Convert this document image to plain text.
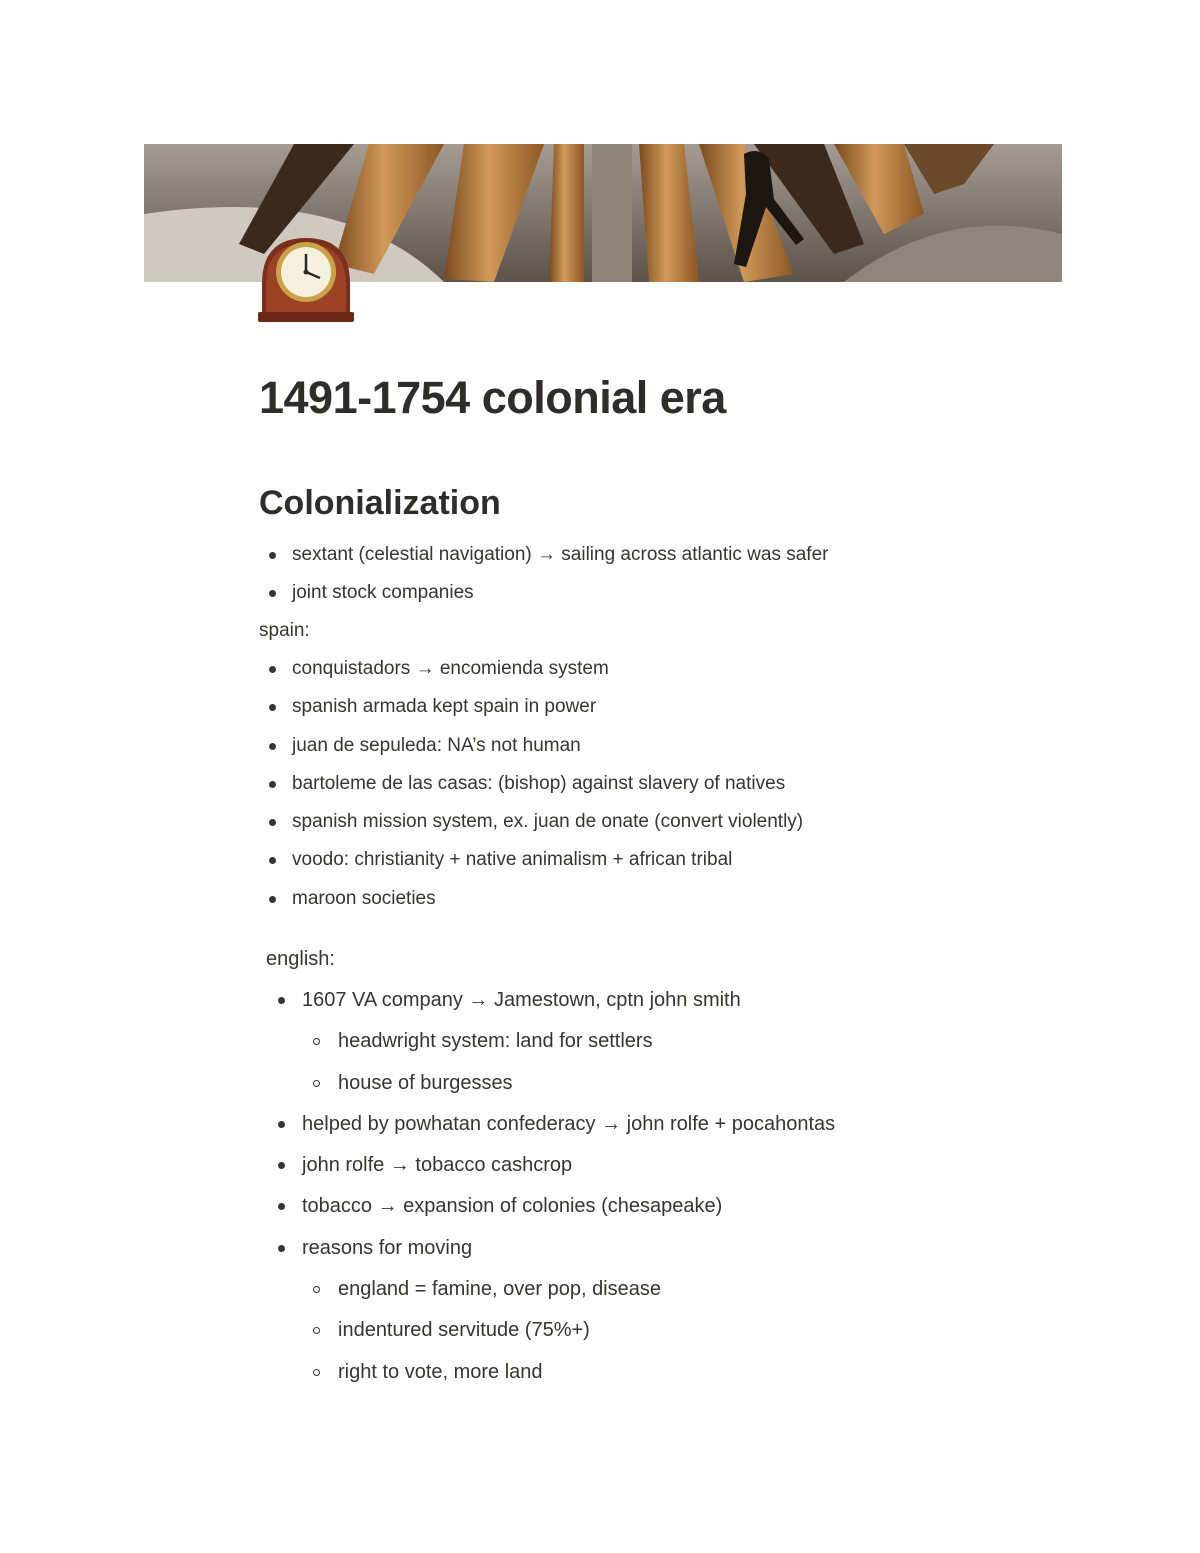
1491-1754 colonial era
Colonialization
sextant (celestial navigation) → sailing across atlantic was safer
joint stock companies
spain:
conquistadors → encomienda system
spanish armada kept spain in power
juan de sepuleda: NA’s not human
bartoleme de las casas: (bishop) against slavery of natives
spanish mission system, ex. juan de onate (convert violently)
voodo: christianity + native animalism + african tribal
maroon societies
english:
1607 VA company → Jamestown, cptn john smith
headwright system: land for settlers
house of burgesses
helped by powhatan confederacy → john rolfe + pocahontas
john rolfe → tobacco cashcrop
tobacco → expansion of colonies (chesapeake)
reasons for moving
england = famine, over pop, disease
indentured servitude (75%+)
right to vote, more land
